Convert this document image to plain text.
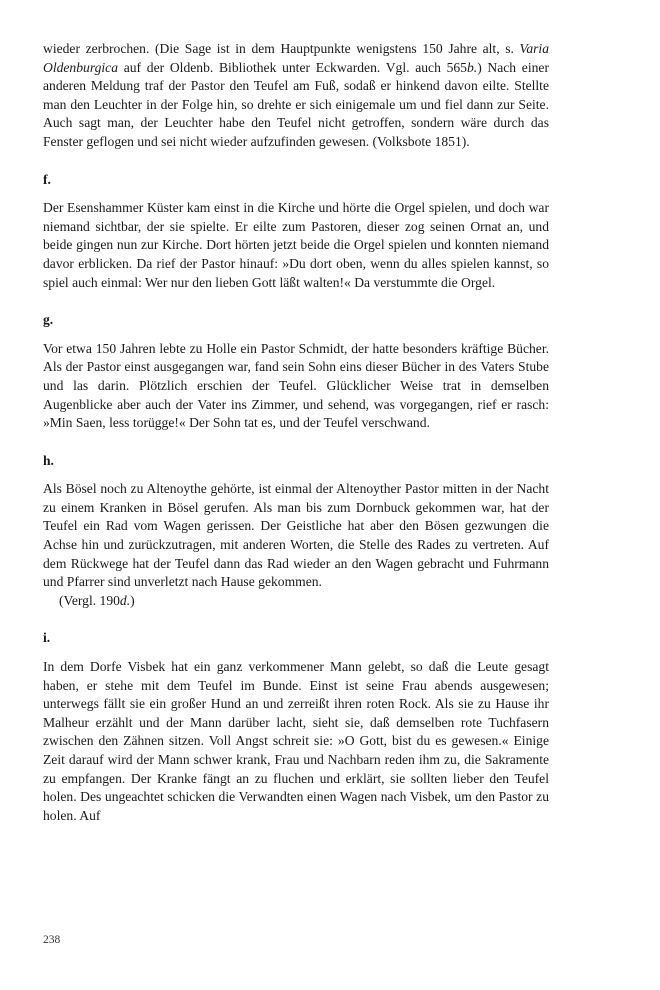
wieder zerbrochen. (Die Sage ist in dem Hauptpunkte wenigstens 150 Jahre alt, s. Varia Oldenburgica auf der Oldenb. Bibliothek unter Eckwarden. Vgl. auch 565b.) Nach einer anderen Meldung traf der Pastor den Teufel am Fuß, sodaß er hinkend davon eilte. Stellte man den Leuchter in der Folge hin, so drehte er sich einigemale um und fiel dann zur Seite. Auch sagt man, der Leuchter habe den Teufel nicht getroffen, sondern wäre durch das Fenster geflogen und sei nicht wieder aufzufinden gewesen. (Volksbote 1851).

f.

Der Esenshammer Küster kam einst in die Kirche und hörte die Orgel spielen, und doch war niemand sichtbar, der sie spielte. Er eilte zum Pastoren, dieser zog seinen Ornat an, und beide gingen nun zur Kirche. Dort hörten jetzt beide die Orgel spielen und konnten niemand davor erblicken. Da rief der Pastor hinauf: »Du dort oben, wenn du alles spielen kannst, so spiel auch einmal: Wer nur den lieben Gott läßt walten!« Da verstummte die Orgel.

g.

Vor etwa 150 Jahren lebte zu Holle ein Pastor Schmidt, der hatte besonders kräftige Bücher. Als der Pastor einst ausgegangen war, fand sein Sohn eins dieser Bücher in des Vaters Stube und las darin. Plötzlich erschien der Teufel. Glücklicher Weise trat in demselben Augenblicke aber auch der Vater ins Zimmer, und sehend, was vorgegangen, rief er rasch: »Min Saen, less torügge!« Der Sohn tat es, und der Teufel verschwand.

h.

Als Bösel noch zu Altenoythe gehörte, ist einmal der Altenoyther Pastor mitten in der Nacht zu einem Kranken in Bösel gerufen. Als man bis zum Dornbuck gekommen war, hat der Teufel ein Rad vom Wagen gerissen. Der Geistliche hat aber den Bösen gezwungen die Achse hin und zurückzutragen, mit anderen Worten, die Stelle des Rades zu vertreten. Auf dem Rückwege hat der Teufel dann das Rad wieder an den Wagen gebracht und Fuhrmann und Pfarrer sind unverletzt nach Hause gekommen.

(Vergl. 190d.)

i.

In dem Dorfe Visbek hat ein ganz verkommener Mann gelebt, so daß die Leute gesagt haben, er stehe mit dem Teufel im Bunde. Einst ist seine Frau abends ausgewesen; unterwegs fällt sie ein großer Hund an und zerreißt ihren roten Rock. Als sie zu Hause ihr Malheur erzählt und der Mann darüber lacht, sieht sie, daß demselben rote Tuchfasern zwischen den Zähnen sitzen. Voll Angst schreit sie: »O Gott, bist du es gewesen.« Einige Zeit darauf wird der Mann schwer krank, Frau und Nachbarn reden ihm zu, die Sakramente zu empfangen. Der Kranke fängt an zu fluchen und erklärt, sie sollten lieber den Teufel holen. Des ungeachtet schicken die Verwandten einen Wagen nach Visbek, um den Pastor zu holen. Auf

238
